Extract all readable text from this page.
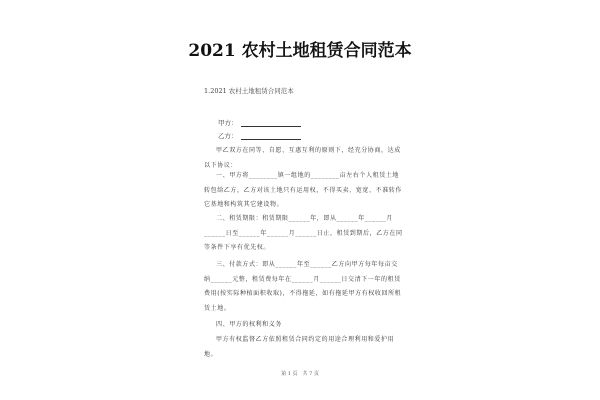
2021 农村土地租赁合同范本
1.2021 农村土地租赁合同范本
甲方：
乙方：
甲乙双方在同等、自愿、互惠互利的原则下，经充分协商，达成以下协议：
一、甲方将________镇一组地的________亩左右个人租赁土地转包给乙方，乙方对该土地只有运用权，不得买卖、宽宽、不准转作它基地和构筑其它建设物。
二、租赁期限：租赁期限______年，即从______年______月______日至______年______月______日止，租赁到期后，乙方在同等条件下享有优先权。
三、付款方式：即从______年至______乙方向甲方每年每亩交纳______元整，租赁费每年在______月______日交清下一年的租赁费用(按实际种植面积收取)，不得拖延，如有拖延甲方有权收回所租赁土地。
四、甲方的权利和义务
甲方有权监督乙方依照租赁合同约定的用途合理利用和爱护用地。
第 1 页　共 7 页
